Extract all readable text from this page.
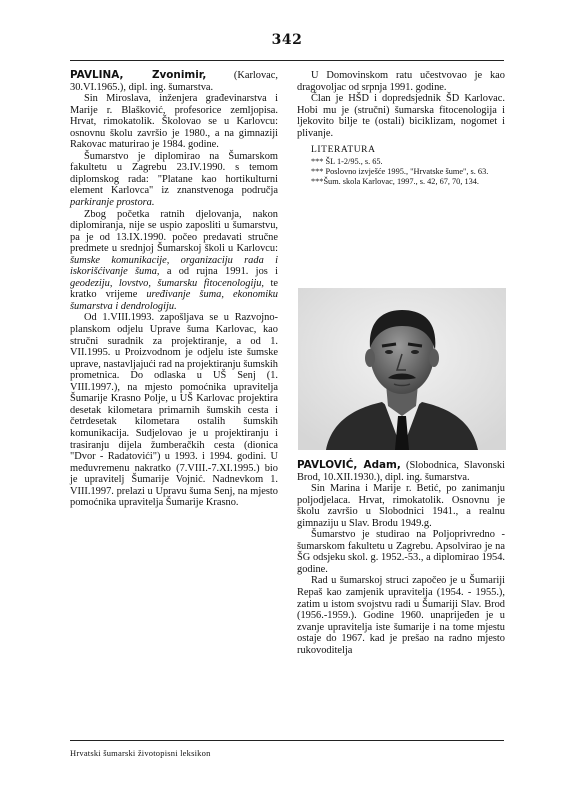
342

PAVLINA, Zvonimir, (Karlovac, 30.VI.1965.), dipl. ing. šumarstva.

Sin Miroslava, inženjera građevinarstva i Marije r. Blašković, profesorice zemljopisa. Hrvat, rimokatolik. Školovao se u Karlovcu: osnovnu školu završio je 1980., a na gimnaziji Rakovac maturirao je 1984. godine.

Šumarstvo je diplomirao na Šumarskom fakultetu u Zagrebu 23.IV.1990. s temom diplomskog rada: "Platane kao hortikulturni element Karlovca" iz znanstvenoga područja parkiranje prostora.

Zbog početka ratnih djelovanja, nakon diplomiranja, nije se uspio zaposliti u šumarstvu, pa je od 13.IX.1990. počeo predavati stručne predmete u srednjoj Šumarskoj školi u Karlovcu: šumske komunikacije, organizaciju rada i iskorišćivanje šuma, a od rujna 1991. jos i geodeziju, lovstvo, šumarsku fitocenologiju, te kratko vrijeme uređivanje šuma, ekonomiku šumarstva i dendrologiju.

Od 1.VIII.1993. zapošljava se u Razvojno-planskom odjelu Uprave šuma Karlovac, kao stručni suradnik za projektiranje, a od 1. VII.1995. u Proizvodnom je odjelu iste šumske uprave, nastavljajući rad na projektiranju šumskih prometnica. Do odlaska u UŠ Senj (1. VIII.1997.), na mjesto pomoćnika upravitelja Šumarije Krasno Polje, u UŠ Karlovac projektira desetak kilometara primarnih šumskih cesta i četrdesetak kilometara ostalih šumskih komunikacija. Sudjelovao je u projektiranju i trasiranju dijela žumberačkih cesta (dionica "Dvor - Radatovići") u 1993. i 1994. godini. U međuvremenu nakratko (7.VIII.-7.XI.1995.) bio je upravitelj Šumarije Vojnić. Nadnevkom 1. VIII.1997. prelazi u Upravu šuma Senj, na mjesto pomoćnika upravitelja Šumarije Krasno.

U Domovinskom ratu učestvovao je kao dragovoljac od srpnja 1991. godine.

Član je HŠD i dopredsjednik ŠD Karlovac. Hobi mu je (stručni) šumarska fitocenologija i ljekovito bilje te (ostali) biciklizam, nogomet i plivanje.

LITERATURA

*** ŠL 1-2/95., s. 65.

*** Poslovno izvješće 1995., "Hrvatske šume", s. 63.

***Šum. skola Karlovac, 1997., s. 42, 67, 70, 134.

PAVLOVIĆ, Adam, (Slobodnica, Slavonski Brod, 10.XII.1930.), dipl. ing. šumarstva.

Sin Marina i Marije r. Betić, po zanimanju poljodjelaca. Hrvat, rimokatolik. Osnovnu je školu završio u Slobodnici 1941., a realnu gimnaziju u Slav. Brodu 1949.g.

Šumarstvo je studirao na Poljoprivredno - šumarskom fakultetu u Zagrebu. Apsolvirao je na ŠG odsjeku skol. g. 1952.-53., a diplomirao 1954. godine.

Rad u šumarskoj struci započeo je u Šumariji Repaš kao zamjenik upravitelja (1954. - 1955.), zatim u istom svojstvu radi u Šumariji Slav. Brod (1956.-1959.). Godine 1960. unaprijeđen je u zvanje upravitelja iste šumarije i na tome mjestu ostaje do 1967. kad je prešao na radno mjesto rukovoditelja

Hrvatski šumarski životopisni leksikon
